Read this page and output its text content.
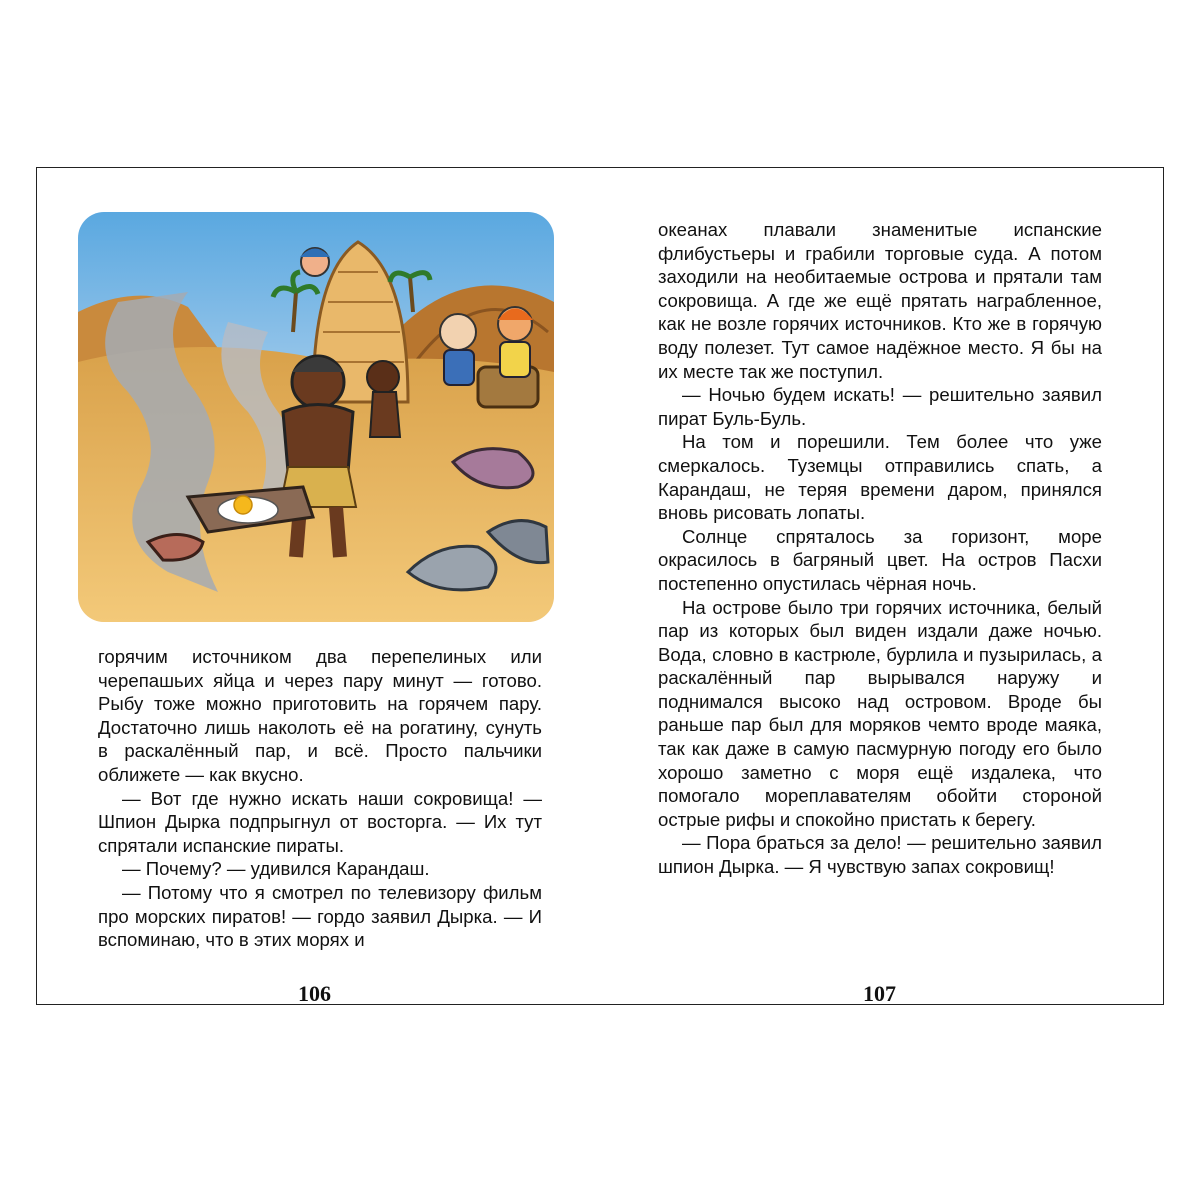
горячим источником два перепелиных или черепашьих яйца и через пару минут — готово. Рыбу тоже можно приготовить на горячем пару. Достаточно лишь наколоть её на рогатину, сунуть в раскалённый пар, и всё. Просто пальчики оближете — как вкусно.

— Вот где нужно искать наши сокровища! — Шпион Дырка подпрыгнул от восторга. — Их тут спрятали испанские пираты.

— Почему? — удивился Карандаш.

— Потому что я смотрел по телевизору фильм про морских пиратов! — гордо заявил Дырка. — И вспоминаю, что в этих морях и

океанах плавали знаменитые испанские флибустьеры и грабили торговые суда. А потом заходили на необитаемые острова и прятали там сокровища. А где же ещё прятать награбленное, как не возле горячих источников. Кто же в горячую воду полезет. Тут самое надёжное место. Я бы на их месте так же поступил.

— Ночью будем искать! — решительно заявил пират Буль-Буль.

На том и порешили. Тем более что уже смеркалось. Туземцы отправились спать, а Карандаш, не теряя времени даром, принялся вновь рисовать лопаты.

Солнце спряталось за горизонт, море окрасилось в багряный цвет. На остров Пасхи постепенно опустилась чёрная ночь.

На острове было три горячих источника, белый пар из которых был виден издали даже ночью. Вода, словно в кастрюле, бурлила и пузырилась, а раскалённый пар вырывался наружу и поднимался высоко над островом. Вроде бы раньше пар был для моряков чемто вроде маяка, так как даже в самую пасмурную погоду его было хорошо заметно с моря ещё издалека, что помогало мореплавателям обойти стороной острые рифы и спокойно пристать к берегу.

— Пора браться за дело! — решительно заявил шпион Дырка. — Я чувствую запах сокровищ!

106	107
